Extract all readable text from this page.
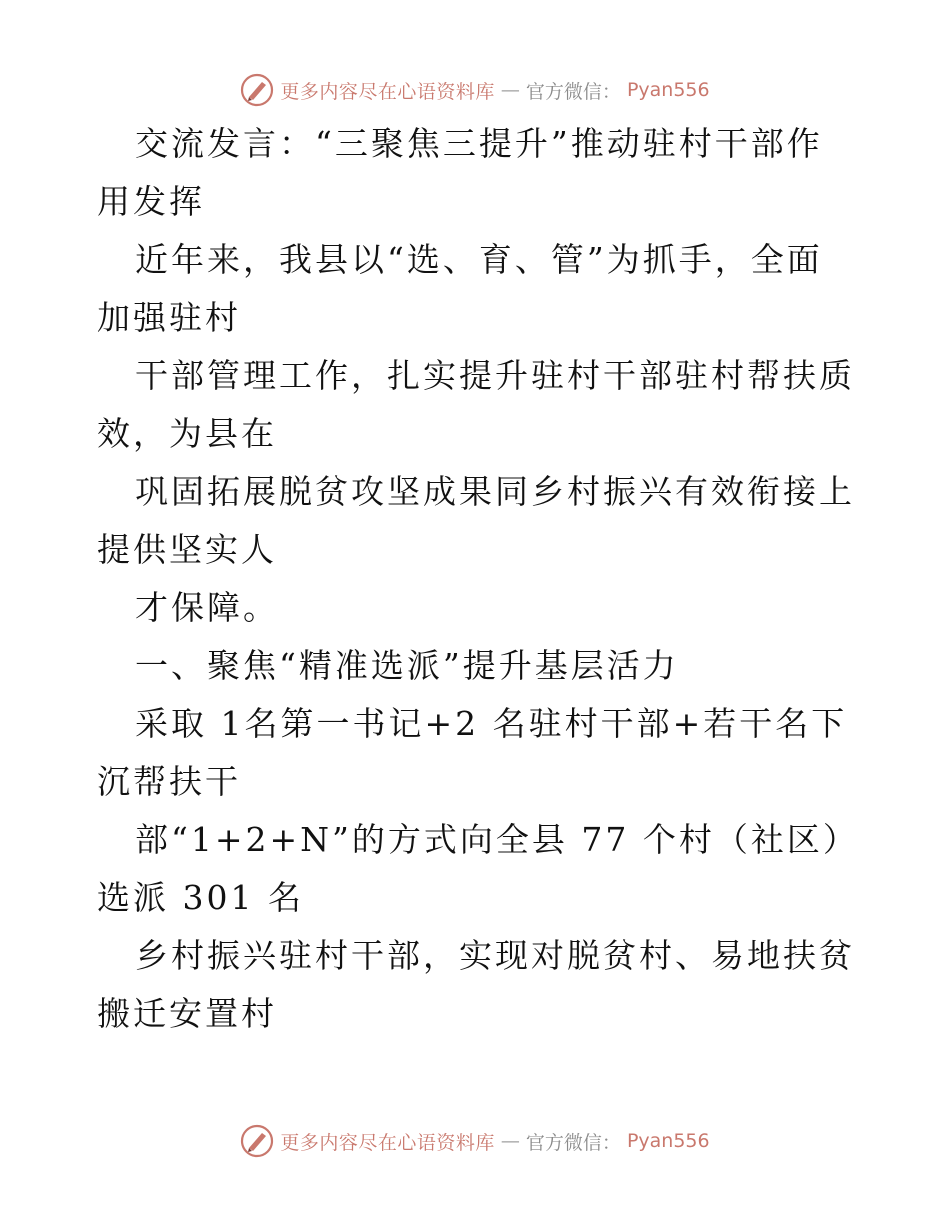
更多内容尽在心语资料库 — 官方微信： Pyan556

交流发言：“三聚焦三提升”推动驻村干部作用发挥

近年来，我县以“选、育、管”为抓手，全面加强驻村

干部管理工作，扎实提升驻村干部驻村帮扶质效，为县在

巩固拓展脱贫攻坚成果同乡村振兴有效衔接上提供坚实人

才保障。

一、聚焦“精准选派”提升基层活力

采取 1名第一书记+2 名驻村干部+若干名下沉帮扶干

部“1+2+N”的方式向全县 77 个村（社区）选派 301 名

乡村振兴驻村干部，实现对脱贫村、易地扶贫搬迁安置村

更多内容尽在心语资料库 — 官方微信： Pyan556
